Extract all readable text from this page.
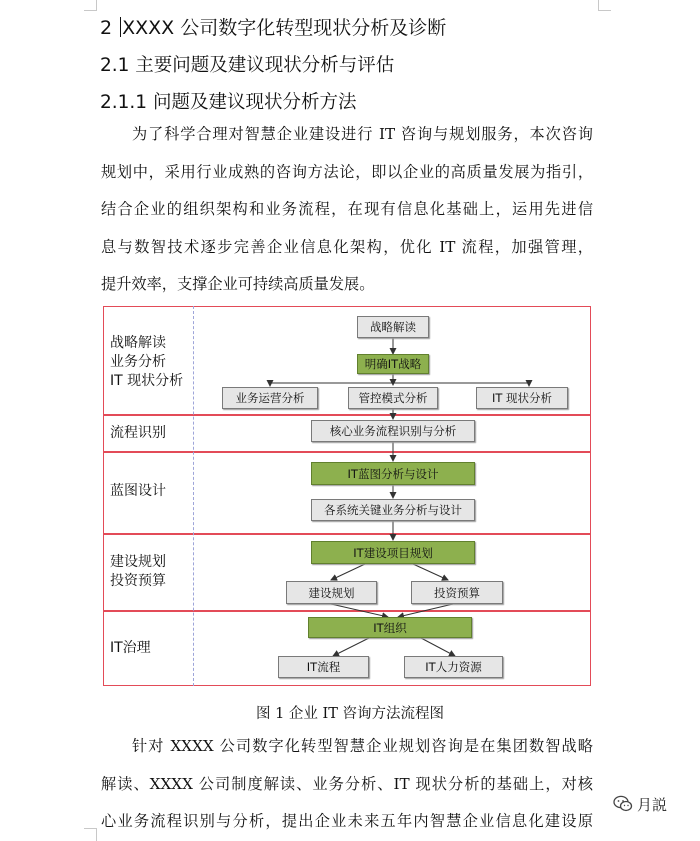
2 XXXX 公司数字化转型现状分析及诊断
2.1 主要问题及建议现状分析与评估
2.1.1 问题及建议现状分析方法
为了科学合理对智慧企业建设进行 IT 咨询与规划服务，本次咨询
规划中，采用行业成熟的咨询方法论，即以企业的高质量发展为指引，
结合企业的组织架构和业务流程，在现有信息化基础上，运用先进信
息与数智技术逐步完善企业信息化架构，优化 IT 流程，加强管理，
提升效率，支撑企业可持续高质量发展。
战略解读
业务分析
IT 现状分析
流程识别
蓝图设计
建设规划
投资预算
IT治理
战略解读
明确IT战略
业务运营分析	管控模式分析	IT 现状分析
核心业务流程识别与分析
IT蓝图分析与设计
各系统关键业务分析与设计
IT建设项目规划
建设规划	投资预算
IT组织
IT流程	IT人力资源
图 1 企业 IT 咨询方法流程图
针对 XXXX 公司数字化转型智慧企业规划咨询是在集团数智战略
解读、XXXX 公司制度解读、业务分析、IT 现状分析的基础上，对核
心业务流程识别与分析，提出企业未来五年内智慧企业信息化建设原
月説
